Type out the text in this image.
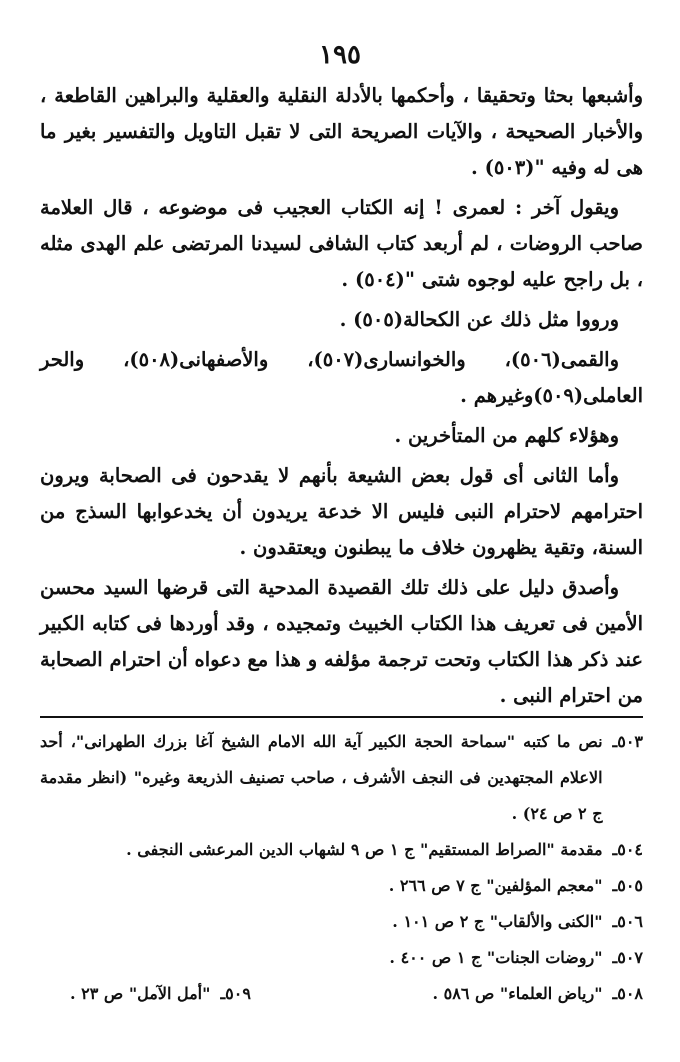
١٩٥

وأشبعها بحثا وتحقيقا ، وأحكمها بالأدلة النقلية والعقلية والبراهين القاطعة ، والأخبار الصحيحة ، والآيات الصريحة التى لا تقبل التاويل والتفسير بغير ما هى له وفيه "(٥٠٣) .

ويقول آخر : لعمرى ! إنه الكتاب العجيب فى موضوعه ، قال العلامة صاحب الروضات ، لم أربعد كتاب الشافى لسيدنا المرتضى علم الهدى مثله ، بل راجح عليه لوجوه شتى "(٥٠٤) .

ورووا مثل ذلك عن الكحالة(٥٠٥) .

والقمى(٥٠٦)، والخوانسارى(٥٠٧)، والأصفهانى(٥٠٨)، والحر العاملى(٥٠٩)وغيرهم .

وهؤلاء كلهم من المتأخرين .

وأما الثانى أى قول بعض الشيعة بأنهم لا يقدحون فى الصحابة ويرون احترامهم لاحترام النبى فليس الا خدعة يريدون أن يخدعوابها السذج من السنة، وتقية يظهرون خلاف ما يبطنون ويعتقدون .

وأصدق دليل على ذلك تلك القصيدة المدحية التى قرضها السيد محسن الأمين فى تعريف هذا الكتاب الخبيث وتمجيده ، وقد أوردها فى كتابه الكبير عند ذكر هذا الكتاب وتحت ترجمة مؤلفه و هذا مع دعواه أن احترام الصحابة من احترام النبى .

٥٠٣ـ
نص ما كتبه "سماحة الحجة الكبير آية الله الامام الشيخ آغا بزرك الطهرانى"، أحد الاعلام المجتهدين فى النجف الأشرف ، صاحب تصنيف الذريعة وغيره" (انظر مقدمة ج ٢ ص ٢٤) .
٥٠٤ـ
مقدمة "الصراط المستقيم" ج ١ ص ٩ لشهاب الدين المرعشى النجفى .
٥٠٥ـ
"معجم المؤلفين" ج ٧ ص ٢٦٦ .
٥٠٦ـ
"الكنى والألقاب" ج ٢ ص ١٠١ .
٥٠٧ـ
"روضات الجنات" ج ١ ص ٤٠٠ .
٥٠٨ـ
"رياض العلماء" ص ٥٨٦ .
٥٠٩ـ
"أمل الآمل" ص ٢٣ .
